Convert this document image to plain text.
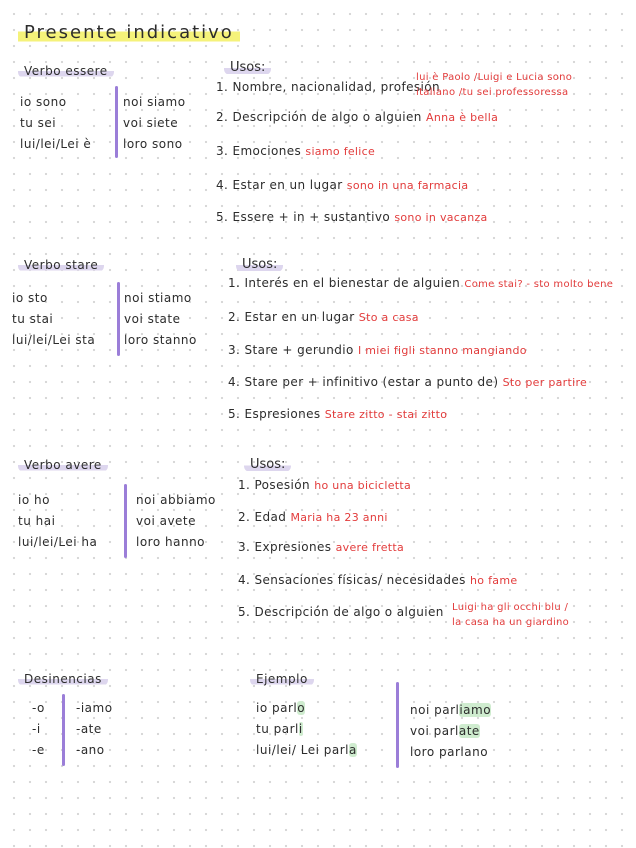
Presente indicativo
Verbo essere
io sono
tu sei
lui/lei/Lei è
noi siamo
voi siete
loro sono
Usos:
1. Nombre, nacionalidad, profesión
lui è Paolo /Luigi e Lucia sono
italiano /tu sei professoressa
2. Descripción de algo o alguien Anna è bella
3. Emociones siamo felice
4. Estar en un lugar sono in una farmacia
5. Essere + in + sustantivo sono in vacanza
Verbo stare
io sto
tu stai
lui/lei/Lei sta
noi stiamo
voi state
loro stanno
Usos:
1. Interés en el bienestar de alguien Come stai? - sto molto bene
2. Estar en un lugar Sto a casa
3. Stare + gerundio I miei figli stanno mangiando
4. Stare per + infinitivo (estar a punto de) Sto per partire
5. Espresiones Stare zitto - stai zitto
Verbo avere
io ho
tu hai
lui/lei/Lei ha
noi abbiamo
voi avete
loro hanno
Usos:
1. Posesión ho una bicicletta
2. Edad Maria ha 23 anni
3. Expresiones avere fretta
4. Sensaciones físicas/ necesidades ho fame
5. Descripción de algo o alguien Luigi ha gli occhi blu /
la casa ha un giardino
Desinencias
-o
-i
-e
-iamo
-ate
-ano
Ejemplo
io parlo
tu parli
lui/lei/ Lei parla
noi parliamo
voi parlate
loro parlano
